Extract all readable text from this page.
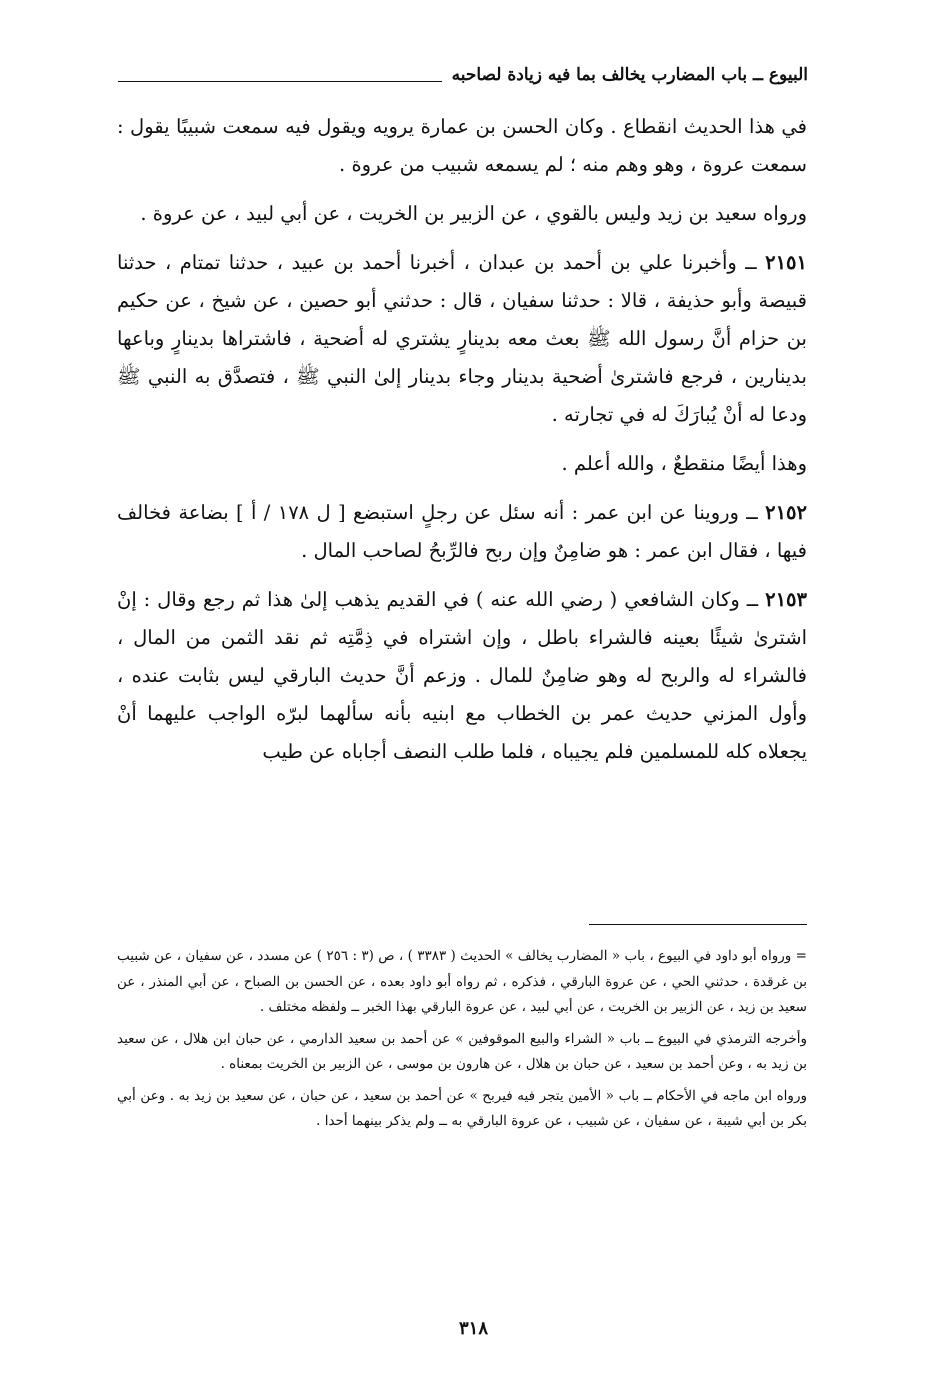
البيوع ــ باب المضارب يخالف بما فيه زيادة لصاحبه

في هذا الحديث انقطاع . وكان الحسن بن عمارة يرويه ويقول فيه سمعت شبيبًا يقول : سمعت عروة ، وهو وهم منه ؛ لم يسمعه شبيب من عروة .

ورواه سعيد بن زيد وليس بالقوي ، عن الزبير بن الخريت ، عن أبي لبيد ، عن عروة .

٢١٥١ ــ وأخبرنا علي بن أحمد بن عبدان ، أخبرنا أحمد بن عبيد ، حدثنا تمتام ، حدثنا قبيصة وأبو حذيفة ، قالا : حدثنا سفيان ، قال : حدثني أبو حصين ، عن شيخ ، عن حكيم بن حزام أنَّ رسول الله ﷺ بعث معه بدينارٍ يشتري له أضحية ، فاشتراها بدينارٍ وباعها بدينارين ، فرجع فاشترىٰ أضحية بدينار وجاء بدينار إلىٰ النبي ﷺ ، فتصدَّق به النبي ﷺ ودعا له أنْ يُبارَكَ له في تجارته .

وهذا أيضًا منقطعٌ ، والله أعلم .

٢١٥٢ ــ وروينا عن ابن عمر : أنه سئل عن رجلٍ استبضع [ ل ١٧٨ / أ ] بضاعة فخالف فيها ، فقال ابن عمر : هو ضامِنٌ وإن ربح فالرِّبحُ لصاحب المال .

٢١٥٣ ــ وكان الشافعي ( رضي الله عنه ) في القديم يذهب إلىٰ هذا ثم رجع وقال : إنْ اشترىٰ شيئًا بعينه فالشراء باطل ، وإن اشتراه في ذِمَّتِه ثم نقد الثمن من المال ، فالشراء له والربح له وهو ضامِنٌ للمال . وزعم أنَّ حديث البارقي ليس بثابت عنده ، وأول المزني حديث عمر بن الخطاب مع ابنيه بأنه سألهما لبرّه الواجب عليهما أنْ يجعلاه كله للمسلمين فلم يجيباه ، فلما طلب النصف أجاباه عن طيب

= وروا‌ه أبو داود في البيوع ، باب « المضارب يخالف » الحديث ( ٣٣٨٣ ) ، ص (٣ : ٢٥٦ ) عن مسدد ، عن سفيان ، عن شبيب بن غرقدة ، حدثني الحي ، عن عروة البارقي ، فذكره ، ثم رواه أبو داود بعده ، عن الحسن بن الصباح ، عن أبي المنذر ، عن سعيد بن زيد ، عن الزبير بن الخريت ، عن أبي لبيد ، عن عروة البارقي بهذا الخبر ــ ولفظه مختلف .

وأخرجه الترمذي في البيوع ــ باب « الشراء والبيع الموقوفين » عن أحمد بن سعيد الدارمي ، عن حبان ابن هلال ، عن سعيد بن زيد به ، وعن أحمد بن سعيد ، عن حبان بن هلال ، عن هارون بن موسى ، عن الزبير بن الخريت بمعناه .

ورواه ابن ماجه في الأحكام ــ باب « الأمين يتجر فيه فيربح » عن أحمد بن سعيد ، عن حبان ، عن سعيد بن زيد به . وعن أبي بكر بن أبي شيبة ، عن سفيان ، عن شبيب ، عن عروة البارقي به ــ ولم يذكر بينهما أحدا .

٣١٨
